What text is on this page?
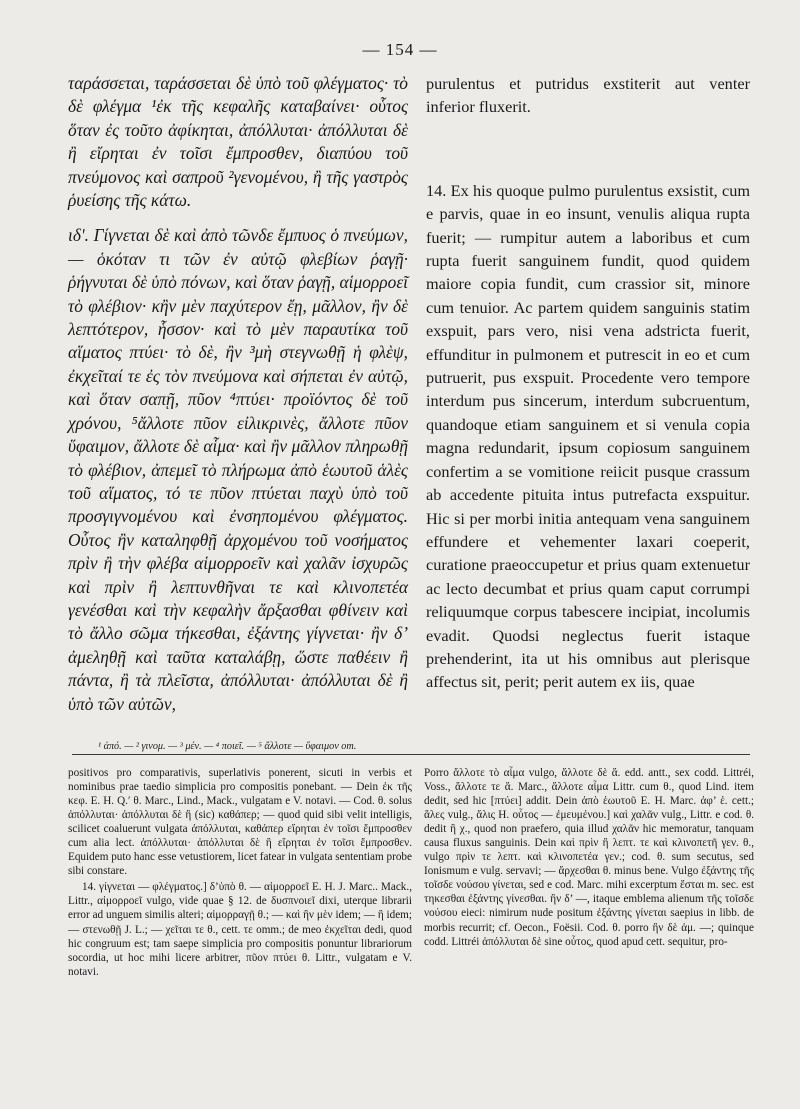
— 154 —
ταράσσεται, ταράσσεται δὲ ὑπὸ τοῦ φλέγματος· τὸ δὲ φλέγμα ¹ἐκ τῆς κεφαλῆς καταβαίνει· οὗτος ὅταν ἐς τοῦτο ἀφίκηται, ἀπόλλυται· ἀπόλλυται δὲ ἢ εἴρηται ἐν τοῖσι ἔμπροσθεν, διαπύου τοῦ πνεύμονος καὶ σαπροῦ ²γενομένου, ἢ τῆς γαστρὸς ῥυείσης τῆς κάτω.
ιδʹ. Γίγνεται δὲ καὶ ἀπὸ τῶνδε ἔμπυος ὁ πνεύμων, — ὁκόταν τι τῶν ἐν αὐτῷ φλεβίων ῥαγῇ· ῥήγνυται δὲ ὑπὸ πόνων, καὶ ὅταν ῥαγῇ, αἱμορροεῖ τὸ φλέβιον· κἢν μὲν παχύτερον ἔῃ, μᾶλλον, ἢν δὲ λεπτότερον, ἧσσον· καὶ τὸ μὲν παραυτίκα τοῦ αἵματος πτύει· τὸ δὲ, ἢν ³μὴ στεγνωθῇ ἡ φλὲψ, ἐκχεῖταί τε ἐς τὸν πνεύμονα καὶ σήπεται ἐν αὐτῷ, καὶ ὅταν σαπῇ, πῦον ⁴πτύει· προϊόντος δὲ τοῦ χρόνου, ⁵ἄλλοτε πῦον εἰλικρινὲς, ἄλλοτε πῦον ὕφαιμον, ἄλλοτε δὲ αἷμα· καὶ ἢν μᾶλλον πληρωθῇ τὸ φλέβιον, ἀπεμεῖ τὸ πλήρωμα ἀπὸ ἑωυτοῦ ἁλὲς τοῦ αἵματος, τό τε πῦον πτύεται παχὺ ὑπὸ τοῦ προσγιγνομένου καὶ ἐνσηπομένου φλέγματος. Οὗτος ἢν καταληφθῇ ἀρχομένου τοῦ νοσήματος πρὶν ἢ τὴν φλέβα αἱμορροεῖν καὶ χαλᾶν ἰσχυρῶς καὶ πρὶν ἢ λεπτυνθῆναι τε καὶ κλινοπετέα γενέσθαι καὶ τὴν κεφαλὴν ἄρξασθαι φθίνειν καὶ τὸ ἄλλο σῶμα τήκεσθαι, ἐξάντης γίγνεται· ἢν δ’ ἀμεληθῇ καὶ ταῦτα καταλάβῃ, ὥστε παθέειν ἢ πάντα, ἢ τὰ πλεῖστα, ἀπόλλυται· ἀπόλλυται δὲ ἢ ὑπὸ τῶν αὐτῶν,
purulentus et putridus exstiterit aut venter inferior fluxerit.
14. Ex his quoque pulmo purulentus exsistit, cum e parvis, quae in eo insunt, venulis aliqua rupta fuerit; — rumpitur autem a laboribus et cum rupta fuerit sanguinem fundit, quod quidem maiore copia fundit, cum crassior sit, minore cum tenuior. Ac partem quidem sanguinis statim exspuit, pars vero, nisi vena adstricta fuerit, effunditur in pulmonem et putrescit in eo et cum putruerit, pus exspuit. Procedente vero tempore interdum pus sincerum, interdum subcruentum, quandoque etiam sanguinem et si venula copia magna redundarit, ipsum copiosum sanguinem confertim a se vomitione reiicit pusque crassum ab accedente pituita intus putrefacta exspuitur. Hic si per morbi initia antequam vena sanguinem effundere et vehementer laxari coeperit, curatione praeoccupetur et prius quam extenuetur ac lecto decumbat et prius quam caput corrumpi reliquumque corpus tabescere incipiat, incolumis evadit. Quodsi neglectus fuerit istaque prehenderint, ita ut his omnibus aut plerisque affectus sit, perit; perit autem ex iis, quae
¹ ἀπό. — ² γινομ. — ³ μέν. — ⁴ ποιεῖ. — ⁵ ἄλλοτε — ὕφαιμον om.
positivos pro comparativis, superlativis ponerent, sicuti in verbis et nominibus prae taedio simplicia pro compositis ponebant. — Dein ἐκ τῆς κεφ. E. H. Q.′ θ. Marc., Lind., Mack., vulgatam e V. notavi. — Cod. θ. solus ἀπόλλυται· ἀπόλλυται δὲ ἢ (sic) καθάπερ; — quod quid sibi velit intelligis, scilicet coaluerunt vulgata ἀπόλλυται, καθάπερ εἴρηται ἐν τοῖσι ἔμπροσθεν cum alia lect. ἀπόλλυται· ἀπόλλυται δὲ ἢ εἴρηται ἐν τοῖσι ἔμπροσθεν. Equidem puto hanc esse vetustiorem, licet fatear in vulgata sententiam probe sibi constare.
14. γίγνεται — φλέγματος.] δ’ὑπὸ θ. — αἱμορροεῖ E. H. J. Marc.. Mack., Littr., αἱμορροεῖ vulgo, vide quae § 12. de δυσπνοιεῖ dixi, uterque librarii error ad unguem similis alteri; αἱμορραγῇ θ.; — καὶ ἢν μὲν idem; — ἢ idem; — στενωθῇ J. L.; — χεῖται τε θ., cett. τε omm.; de meo ἐκχεῖται dedi, quod hic congruum est; tam saepe simplicia pro compositis ponuntur librariorum socordia, ut hoc mihi licere arbitrer, πῦον πτύει θ. Littr., vulgatam e V. notavi.
Porro ἄλλοτε τὸ αἷμα vulgo, ἄλλοτε δὲ ἅ. edd. antt., sex codd. Littréi, Voss., ἄλλοτε τε ἅ. Marc., ἄλλοτε αἷμα Littr. cum θ., quod Lind. item dedit, sed hic [πτύει] addit. Dein ἀπὸ ἑωυτοῦ E. H. Marc. ἀφ’ ἑ. cett.; ἅλες vulg., ἅλις H. οὗτος — ἐμευμένου.] καὶ χαλᾶν vulg., Littr. e cod. θ. dedit ἢ χ., quod non praefero, quia illud χαλᾶν hic memoratur, tanquam causa fluxus sanguinis. Dein καὶ πρὶν ἢ λεπτ. τε καὶ κλινοπετῆ γεν. θ., vulgo πρὶν τε λεπτ. καὶ κλινοπετέα γεν.; cod. θ. sum secutus, sed Ionismum e vulg. servavi; — ἄρχεσθαι θ. minus bene. Vulgo ἐξάντης τῆς τοῖσδε νούσου γίνεται, sed e cod. Marc. mihi excerptum ἔσται m. sec. est τηκεσθαι ἐξάντης γίνεσθαι. ἢν δ’ —, itaque emblema alienum τῆς τοῖσδε νούσου eieci: nimirum nude positum ἐξάντης γίνεται saepius in libb. de morbis recurrit; cf. Oecon., Foësii. Cod. θ. porro ἢν δὲ ἀμ. —; quinque codd. Littréi ἀπόλλυται δὲ sine οὗτος, quod apud cett. sequitur, pro-
